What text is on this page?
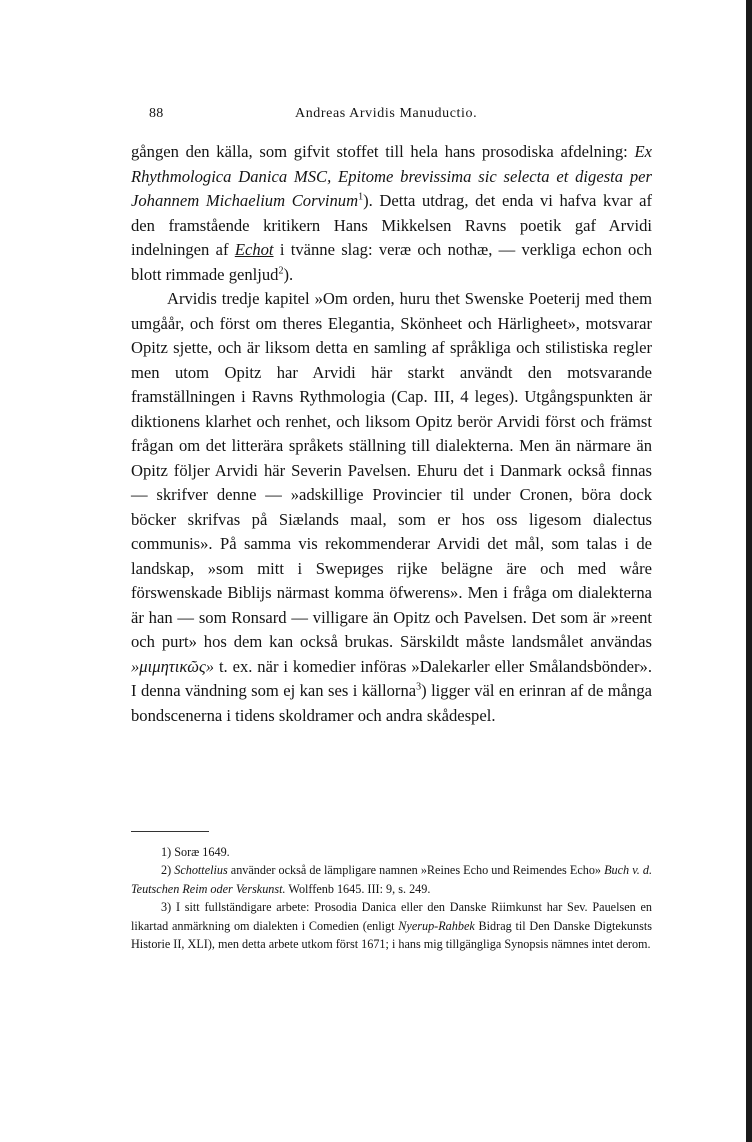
88	Andreas Arvidis Manuductio.

gången den källa, som gifvit stoffet till hela hans prosodiska afdelning: Ex Rhythmologica Danica MSC, Epitome brevissima sic selecta et digesta per Johannem Michaelium Corvinum$^1$). Detta utdrag, det enda vi hafva kvar af den framstående kritikern Hans Mikkelsen Ravns poetik gaf Arvidi indelningen af Echot i tvänne slag: veræ och nothæ, — verkliga echon och blott rimmade genljud$^2$).

Arvidis tredje kapitel »Om orden, huru thet Swenske Poeterij med them umgåår, och först om theres Elegantia, Skönheet och Härligheet», motsvarar Opitz sjette, och är liksom detta en samling af språkliga och stilistiska regler men utom Opitz har Arvidi här starkt användt den motsvarande framställningen i Ravns Rythmologia (Cap. III, 4 leges). Utgångspunkten är diktionens klarhet och renhet, och liksom Opitz berör Arvidi först och främst frågan om det litterära språkets ställning till dialekterna. Men än närmare än Opitz följer Arvidi här Severin Pavelsen. Ehuru det i Danmark också finnas — skrifver denne — »adskillige Provincier til under Cronen, böra dock böcker skrifvas på Siælands maal, som er hos oss ligesom dialectus communis». På samma vis rekommenderar Arvidi det mål, som talas i de landskap, »som mitt i Swериges rijke belägne äre och med wåre förswenskade Biblijs närmast komma öfwerens». Men i fråga om dialekterna är han — som Ronsard — villigare än Opitz och Pavelsen. Det som är »reent och purt» hos dem kan också brukas. Särskildt måste landsmålet användas »μιμητικῶς» t. ex. när i komedier införas »Dalekarler eller Smålandsbönder». I denna vändning som ej kan ses i källorna$^3$) ligger väl en erinran af de många bondscenerna i tidens skoldramer och andra skådespel.

1) Soræ 1649.

2) Schottelius använder också de lämpligare namnen »Reines Echo und Reimendes Echo» Buch v. d. Teutschen Reim oder Verskunst. Wolffenb 1645. III: 9, s. 249.

3) I sitt fullständigare arbete: Prosodia Danica eller den Danske Riimkunst har Sev. Pauelsen en likartad anmärkning om dialekten i Comedien (enligt Nyerup-Rahbek Bidrag til Den Danske Digtekunsts Historie II, XLI), men detta arbete utkom först 1671; i hans mig tillgängliga Synopsis nämnes intet derom.
